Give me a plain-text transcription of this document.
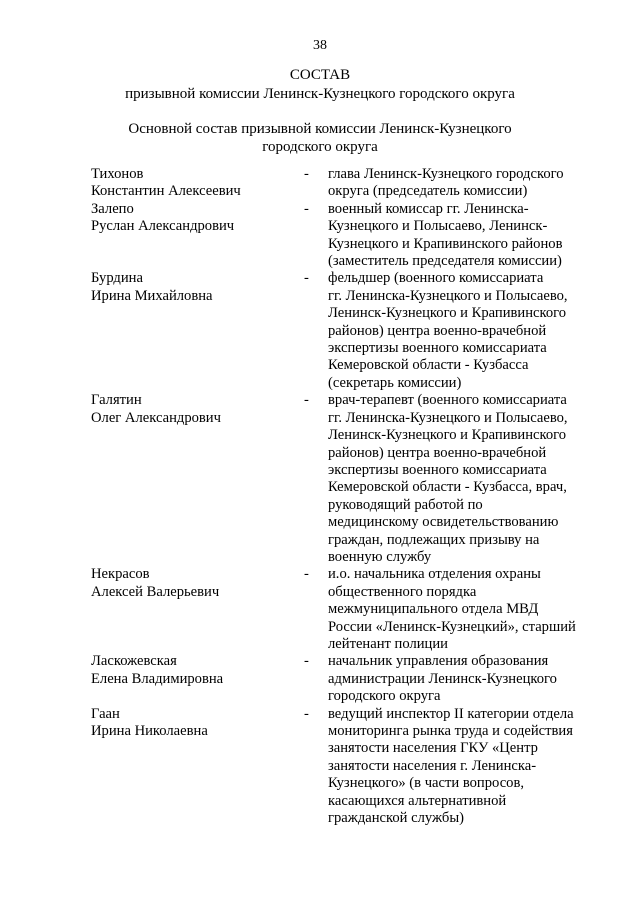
38
СОСТАВ
призывной комиссии Ленинск-Кузнецкого городского округа
Основной состав призывной комиссии Ленинск-Кузнецкого
городского округа
Тихонов
Константин Алексеевич
-	глава Ленинск-Кузнецкого городского
округа (председатель комиссии)
Залепо
Руслан Александрович
-	военный комиссар гг. Ленинска-
Кузнецкого и Полысаево, Ленинск-
Кузнецкого и Крапивинского районов
(заместитель председателя комиссии)
Бурдина
Ирина Михайловна
-	фельдшер (военного комиссариата
гг. Ленинска-Кузнецкого и Полысаево,
Ленинск-Кузнецкого и Крапивинского
районов) центра военно-врачебной
экспертизы военного комиссариата
Кемеровской области - Кузбасса
(секретарь комиссии)
Галятин
Олег Александрович
-	врач-терапевт (военного комиссариата
гг. Ленинска-Кузнецкого и Полысаево,
Ленинск-Кузнецкого и Крапивинского
районов) центра военно-врачебной
экспертизы военного комиссариата
Кемеровской области - Кузбасса, врач,
руководящий работой по
медицинскому освидетельствованию
граждан, подлежащих призыву на
военную службу
Некрасов
Алексей Валерьевич
-	и.о. начальника отделения охраны
общественного порядка
межмуниципального отдела МВД
России «Ленинск-Кузнецкий», старший
лейтенант полиции
Ласкожевская
Елена Владимировна
-	начальник управления образования
администрации Ленинск-Кузнецкого
городского округа
Гаан
Ирина Николаевна
-	ведущий инспектор II категории отдела
мониторинга рынка труда и содействия
занятости населения ГКУ «Центр
занятости населения г. Ленинска-
Кузнецкого» (в части вопросов,
касающихся альтернативной
гражданской службы)
